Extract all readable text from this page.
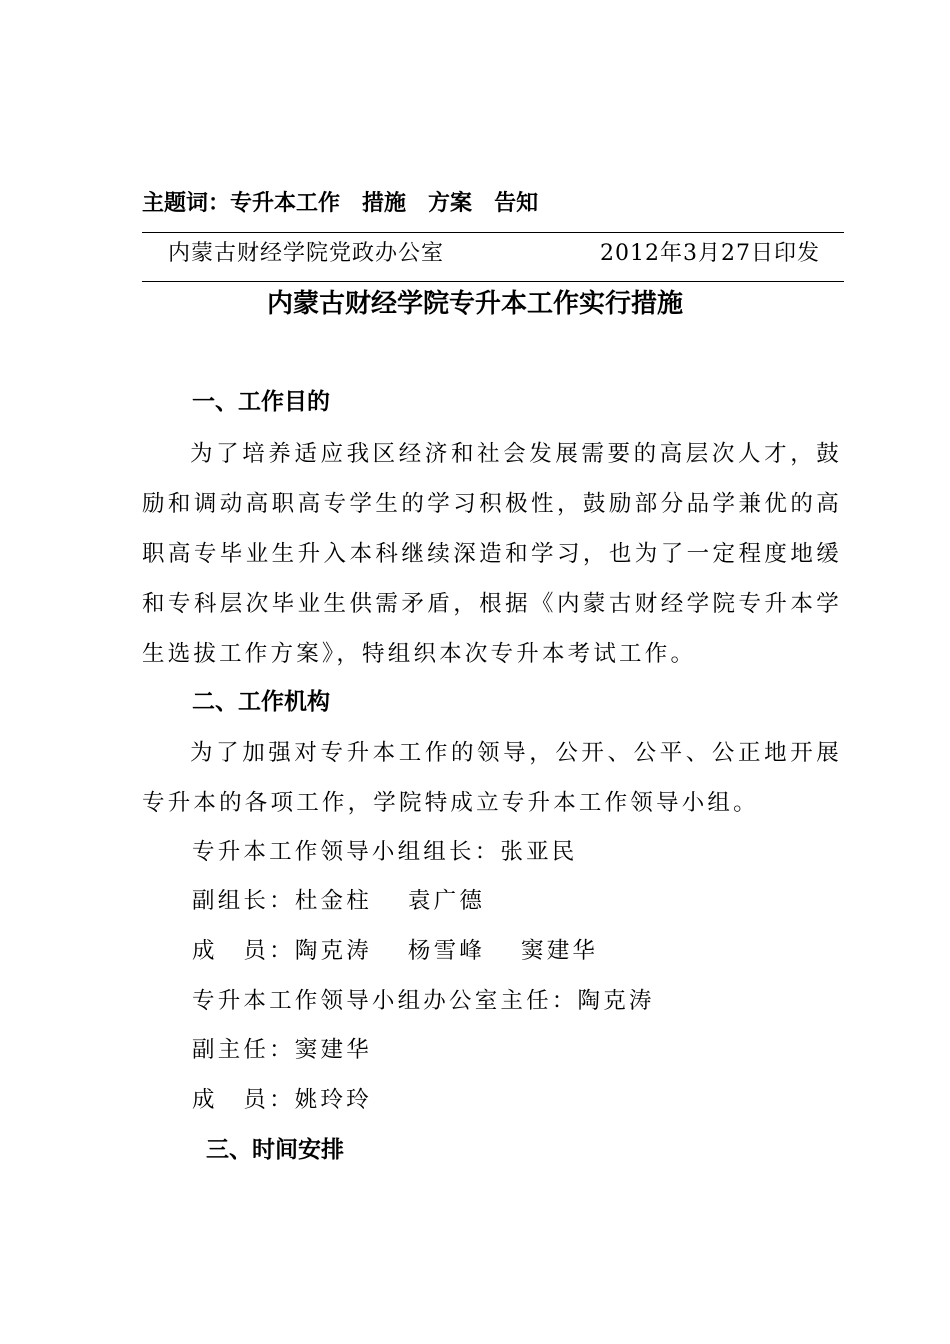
主题词：专升本工作 措施 方案 告知
内蒙古财经学院党政办公室	2012年3月27日印发
内蒙古财经学院专升本工作实行措施
一、工作目的
为了培养适应我区经济和社会发展需要的高层次人才，鼓励和调动高职高专学生的学习积极性，鼓励部分品学兼优的高职高专毕业生升入本科继续深造和学习，也为了一定程度地缓和专科层次毕业生供需矛盾，根据《内蒙古财经学院专升本学生选拔工作方案》，特组织本次专升本考试工作。
二、工作机构
为了加强对专升本工作的领导，公开、公平、公正地开展专升本的各项工作，学院特成立专升本工作领导小组。
专升本工作领导小组组长：张亚民
副组长：杜金柱 袁广德
成　员：陶克涛 杨雪峰 窦建华
专升本工作领导小组办公室主任：陶克涛
副主任：窦建华
成　员：姚玲玲
三、时间安排
